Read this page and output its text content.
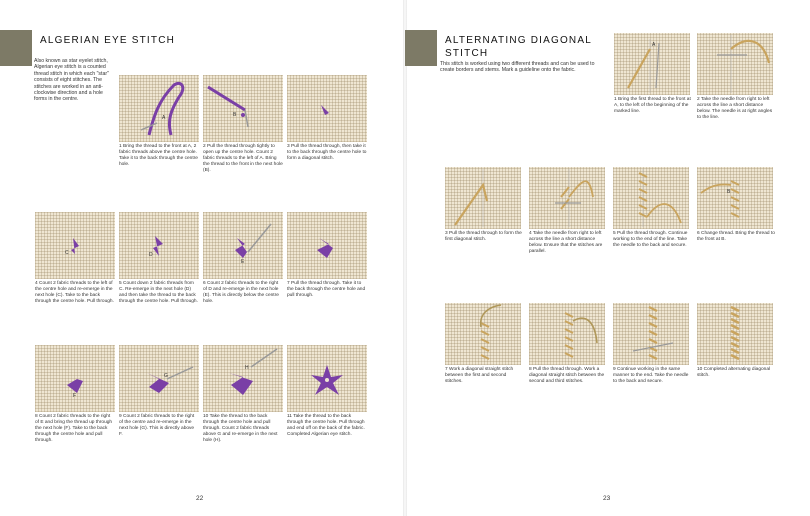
ALGERIAN EYE STITCH
Also known as star eyelet stitch, Algerian eye stitch is a counted thread stitch in which each "star" consists of eight stitches. The stitches are worked in an anti-clockwise direction and a hole forms in the centre.
A	B
1 Bring the thread to the front at A, 2 fabric threads above the centre hole. Take it to the back through the centre hole.
2 Pull the thread through tightly to open up the centre hole. Count 2 fabric threads to the left of A. Bring the thread to the front in the next hole (B).
3 Pull the thread through, then take it to the back through the centre hole to form a diagonal stitch.
C	D
E
4 Count 2 fabric threads to the left of the centre hole and re-emerge in the next hole (C). Take to the back through the centre hole. Pull through.
5 Count down 2 fabric threads from C. Re-emerge in the next hole (D) and then take the thread to the back through the centre hole. Pull through.
6 Count 2 fabric threads to the right of D and re-emerge in the next hole (E). This is directly below the centre hole.
7 Pull the thread through. Take it to the back through the centre hole and pull through.
F
G
H
8 Count 2 fabric threads to the right of E and bring the thread up through the next hole (F). Take to the back through the centre hole and pull through.
9 Count 2 fabric threads to the right of the centre and re-emerge in the next hole (G). This is directly above F.
10 Take the thread to the back through the centre hole and pull through. Count 2 fabric threads above G and re-emerge in the next hole (H).
11 Take the thread to the back through the centre hole. Pull through and end off on the back of the fabric. Completed Algerian eye stitch.
22
ALTERNATING DIAGONAL
STITCH
This stitch is worked using two different threads and can be used to create borders and stems. Mark a guideline onto the fabric.
A
1 Bring the first thread to the front at A, to the left of the beginning of the marked line.
2 Take the needle from right to left across the line a short distance below. The needle is at right angles to the line.
B
3 Pull the thread through to form the first diagonal stitch.
4 Take the needle from right to left across the line a short distance below. Ensure that the stitches are parallel.
5 Pull the thread through. Continue working to the end of the line. Take the needle to the back and secure.
6 Change thread. Bring the thread to the front at B.
7 Work a diagonal straight stitch between the first and second stitches.
8 Pull the thread through. Work a diagonal straight stitch between the second and third stitches.
9 Continue working in the same manner to the end. Take the needle to the back and secure.
10 Completed alternating diagonal stitch.
23
